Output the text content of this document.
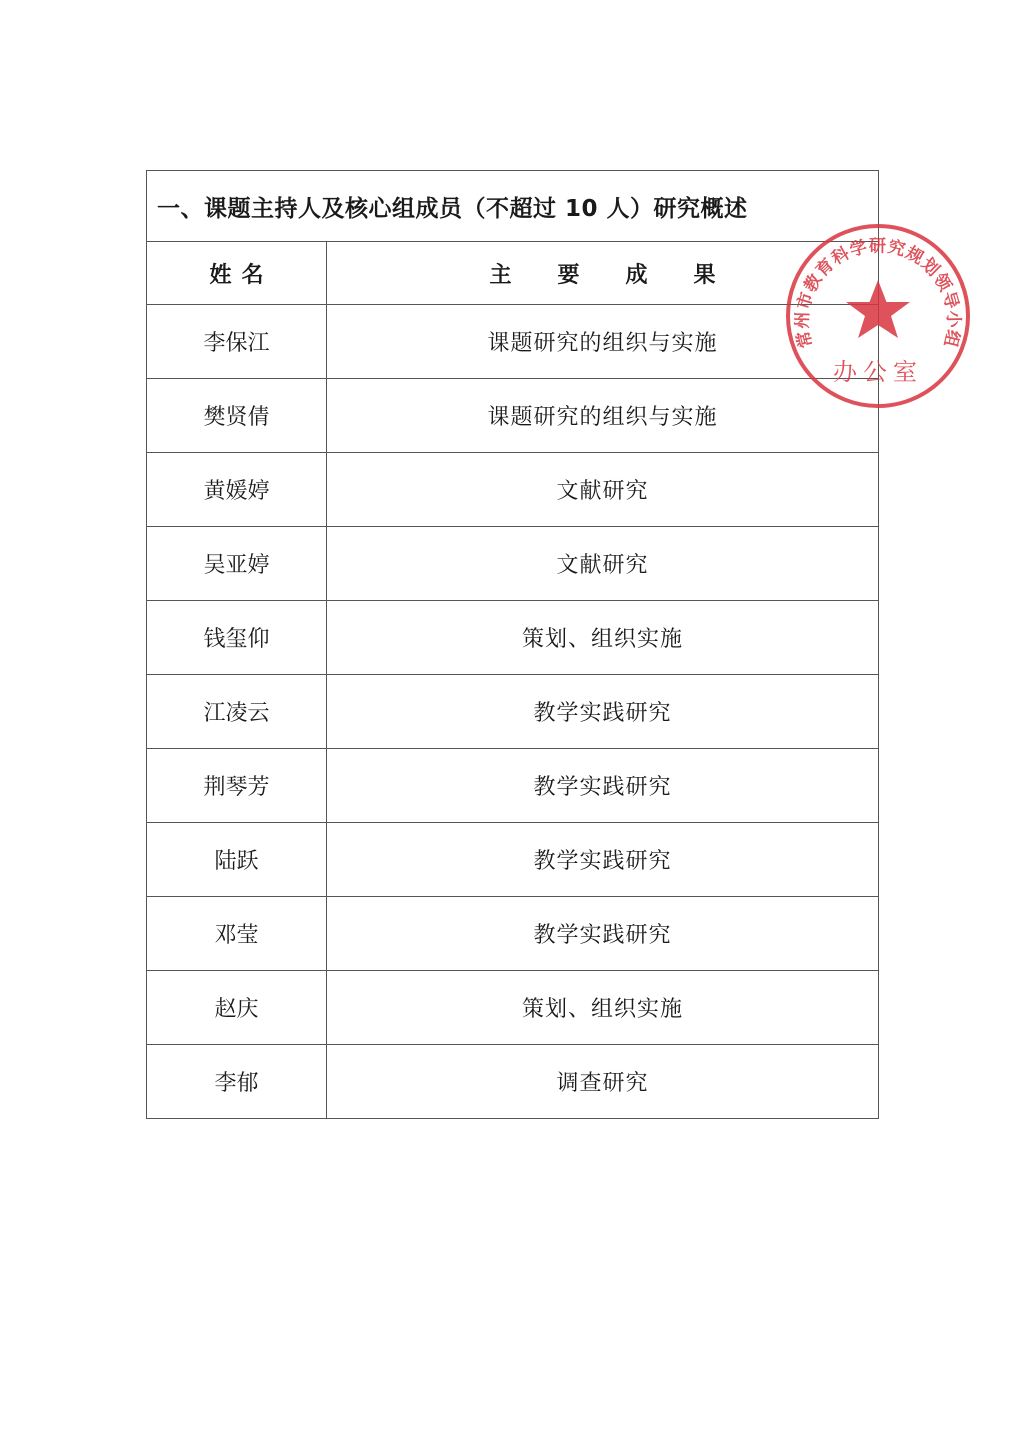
一、课题主持人及核心组成员（不超过 10 人）研究概述
姓名	主要成果
李保江	课题研究的组织与实施
樊贤倩	课题研究的组织与实施
黄媛婷	文献研究
吴亚婷	文献研究
钱玺仰	策划、组织实施
江凌云	教学实践研究
荆琴芳	教学实践研究
陆跃	教学实践研究
邓莹	教学实践研究
赵庆	策划、组织实施
李郁	调查研究
常州市教育科学研究规划领导小组
办公室
